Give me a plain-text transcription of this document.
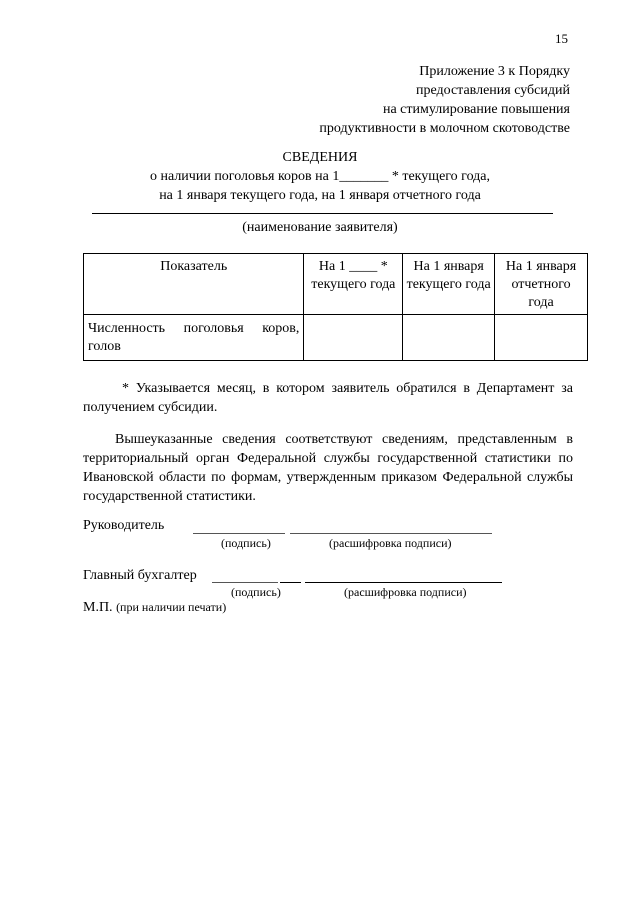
15
Приложение 3 к Порядку
предоставления субсидий
на стимулирование повышения
продуктивности в молочном скотоводстве
СВЕДЕНИЯ
о наличии поголовья коров на 1_______ * текущего года,
на 1 января текущего года, на 1 января отчетного года
(наименование заявителя)
Показатель	На 1 ____ * текущего года	На 1 января текущего года	На 1 января отчетного года
Численность поголовья коров, голов			
* Указывается месяц, в котором заявитель обратился в Департамент за получением субсидии.
Вышеуказанные сведения соответствуют сведениям, представленным в территориальный орган Федеральной службы государственной статистики по Ивановской области по формам, утвержденным приказом Федеральной службы государственной статистики.
Руководитель
(подпись)	(расшифровка подписи)
Главный бухгалтер
(подпись)	(расшифровка подписи)
М.П. (при наличии печати)
